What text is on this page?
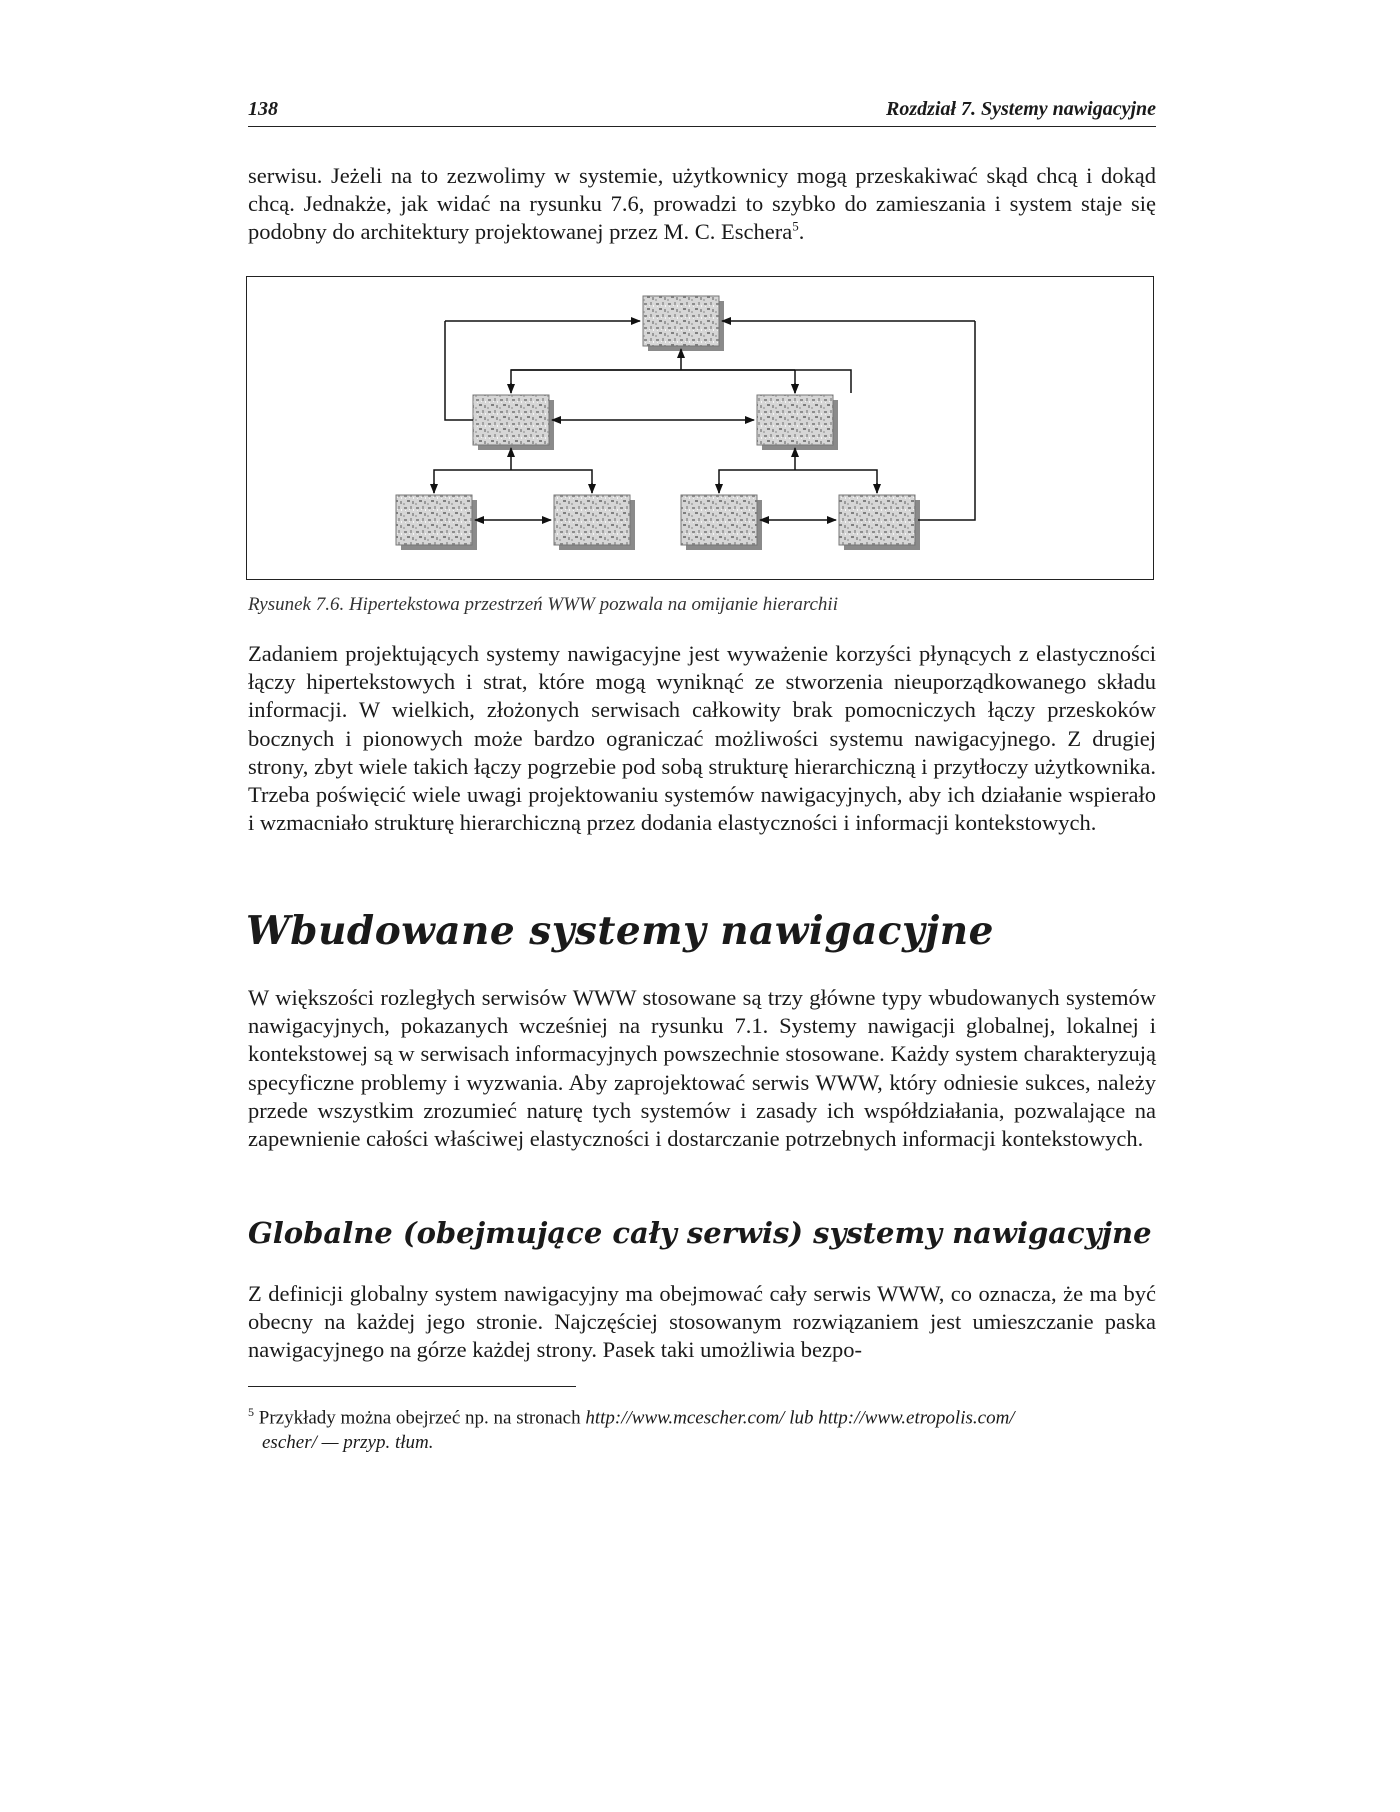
138	Rozdział 7. Systemy nawigacyjne
serwisu. Jeżeli na to zezwolimy w systemie, użytkownicy mogą przeskakiwać skąd chcą i dokąd chcą. Jednakże, jak widać na rysunku 7.6, prowadzi to szybko do zamieszania i system staje się podobny do architektury projektowanej przez M. C. Eschera$^5$.
Rysunek 7.6. Hipertekstowa przestrzeń WWW pozwala na omijanie hierarchii
Zadaniem projektujących systemy nawigacyjne jest wyważenie korzyści płynących z elastyczności łączy hipertekstowych i strat, które mogą wyniknąć ze stworzenia nieuporządkowanego składu informacji. W wielkich, złożonych serwisach całkowity brak pomocniczych łączy przeskoków bocznych i pionowych może bardzo ograniczać możliwości systemu nawigacyjnego. Z drugiej strony, zbyt wiele takich łączy pogrzebie pod sobą strukturę hierarchiczną i przytłoczy użytkownika. Trzeba poświęcić wiele uwagi projektowaniu systemów nawigacyjnych, aby ich działanie wspierało i wzmacniało strukturę hierarchiczną przez dodania elastyczności i informacji kontekstowych.
Wbudowane systemy nawigacyjne
W większości rozległych serwisów WWW stosowane są trzy główne typy wbudowanych systemów nawigacyjnych, pokazanych wcześniej na rysunku 7.1. Systemy nawigacji globalnej, lokalnej i kontekstowej są w serwisach informacyjnych powszechnie stosowane. Każdy system charakteryzują specyficzne problemy i wyzwania. Aby zaprojektować serwis WWW, który odniesie sukces, należy przede wszystkim zrozumieć naturę tych systemów i zasady ich współdziałania, pozwalające na zapewnienie całości właściwej elastyczności i dostarczanie potrzebnych informacji kontekstowych.
Globalne (obejmujące cały serwis) systemy nawigacyjne
Z definicji globalny system nawigacyjny ma obejmować cały serwis WWW, co oznacza, że ma być obecny na każdej jego stronie. Najczęściej stosowanym rozwiązaniem jest umieszczanie paska nawigacyjnego na górze każdej strony. Pasek taki umożliwia bezpo-
$^5$ Przykłady można obejrzeć np. na stronach http://www.mcescher.com/ lub http://www.etropolis.com/
escher/ — przyp. tłum.
